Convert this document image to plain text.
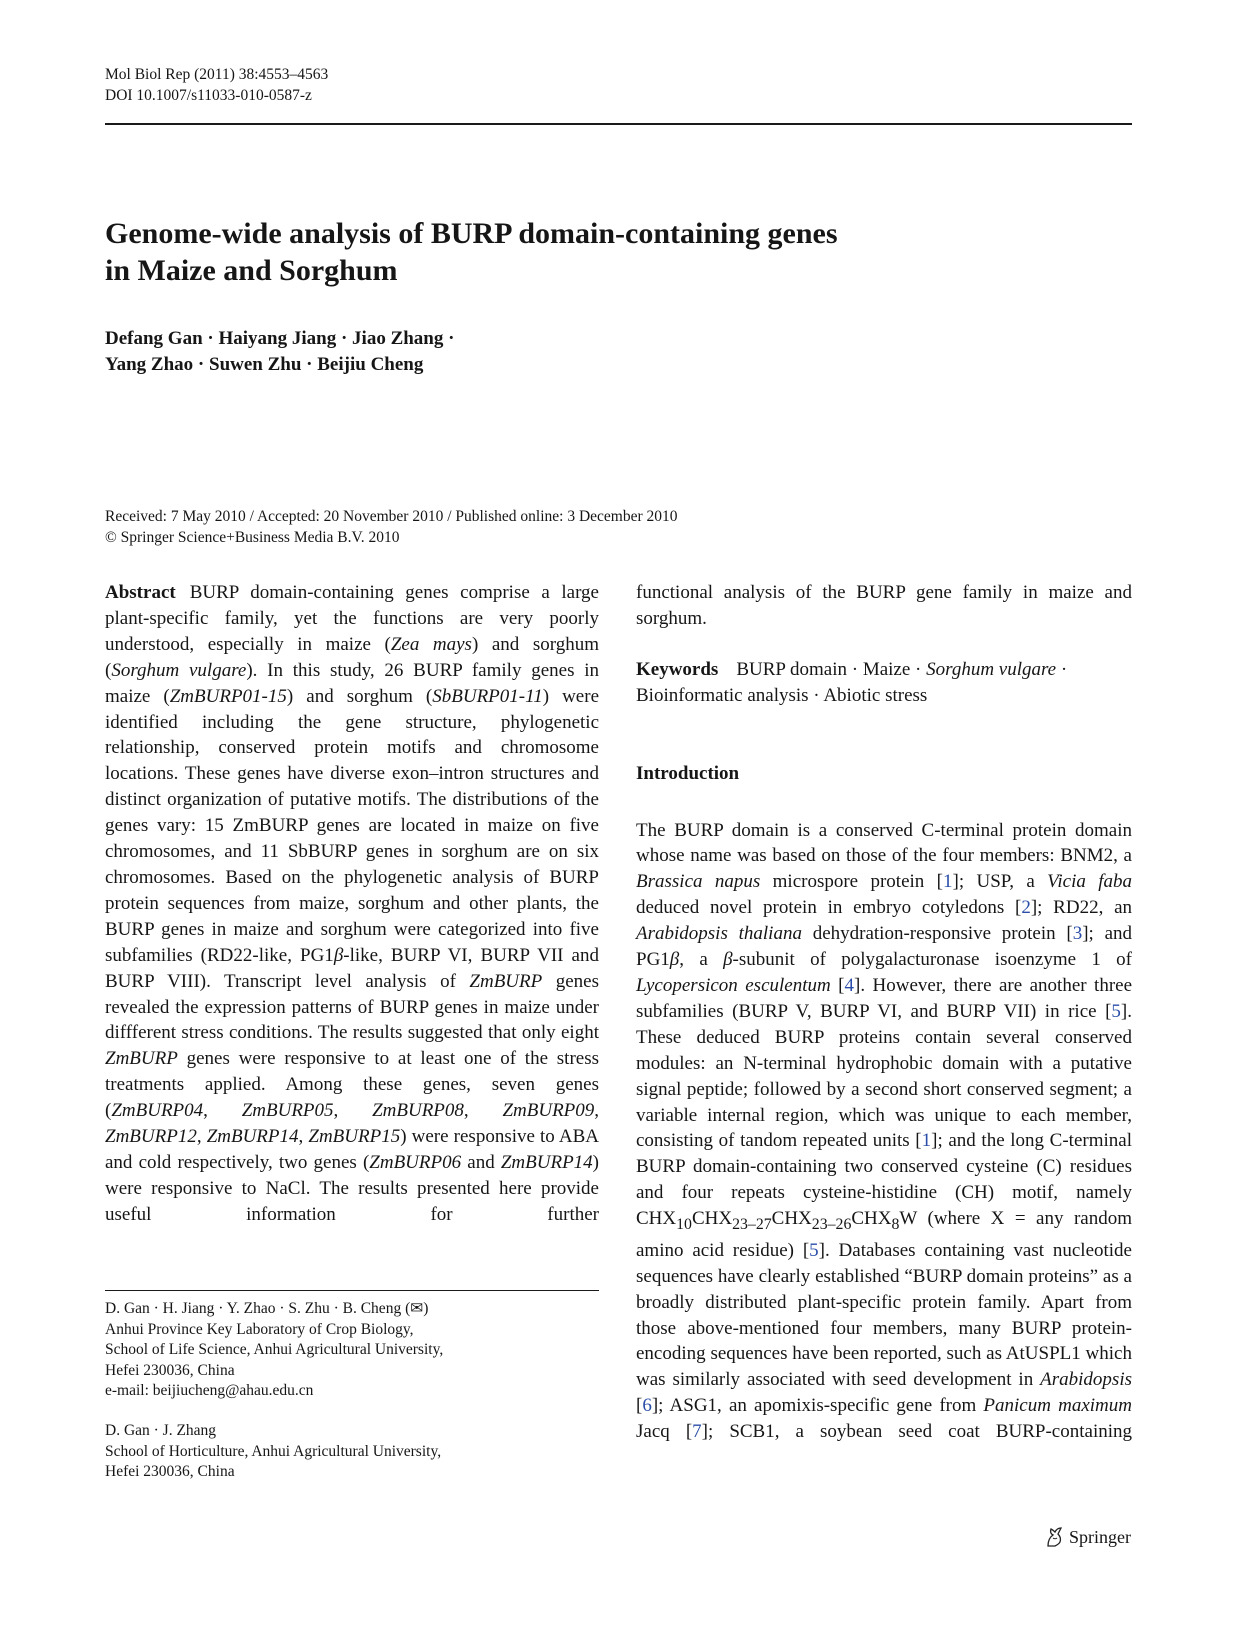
Mol Biol Rep (2011) 38:4553–4563
DOI 10.1007/s11033-010-0587-z
Genome-wide analysis of BURP domain-containing genes
in Maize and Sorghum
Defang Gan · Haiyang Jiang · Jiao Zhang ·
Yang Zhao · Suwen Zhu · Beijiu Cheng
Received: 7 May 2010 / Accepted: 20 November 2010 / Published online: 3 December 2010
© Springer Science+Business Media B.V. 2010

Abstract BURP domain-containing genes comprise a large plant-specific family, yet the functions are very poorly understood, especially in maize (Zea mays) and sorghum (Sorghum vulgare). In this study, 26 BURP family genes in maize (ZmBURP01-15) and sorghum (SbBURP01-11) were identified including the gene structure, phylogenetic relationship, conserved protein motifs and chromosome locations. These genes have diverse exon–intron structures and distinct organization of putative motifs. The distributions of the genes vary: 15 ZmBURP genes are located in maize on five chromosomes, and 11 SbBURP genes in sorghum are on six chromosomes. Based on the phylogenetic analysis of BURP protein sequences from maize, sorghum and other plants, the BURP genes in maize and sorghum were categorized into five subfamilies (RD22-like, PG1β-like, BURP VI, BURP VII and BURP VIII). Transcript level analysis of ZmBURP genes revealed the expression patterns of BURP genes in maize under diffferent stress conditions. The results suggested that only eight ZmBURP genes were responsive to at least one of the stress treatments applied. Among these genes, seven genes (ZmBURP04, ZmBURP05, ZmBURP08, ZmBURP09, ZmBURP12, ZmBURP14, ZmBURP15) were responsive to ABA and cold respectively, two genes (ZmBURP06 and ZmBURP14) were responsive to NaCl. The results presented here provide useful information for further

D. Gan · H. Jiang · Y. Zhao · S. Zhu · B. Cheng (✉)
Anhui Province Key Laboratory of Crop Biology,
School of Life Science, Anhui Agricultural University,
Hefei 230036, China
e-mail: beijiucheng@ahau.edu.cn
D. Gan · J. Zhang
School of Horticulture, Anhui Agricultural University,
Hefei 230036, China

functional analysis of the BURP gene family in maize and sorghum.

Keywords BURP domain · Maize · Sorghum vulgare · Bioinformatic analysis · Abiotic stress

Introduction

The BURP domain is a conserved C-terminal protein domain whose name was based on those of the four members: BNM2, a Brassica napus microspore protein [1]; USP, a Vicia faba deduced novel protein in embryo cotyledons [2]; RD22, an Arabidopsis thaliana dehydration-responsive protein [3]; and PG1β, a β-subunit of polygalacturonase isoenzyme 1 of Lycopersicon esculentum [4]. However, there are another three subfamilies (BURP V, BURP VI, and BURP VII) in rice [5]. These deduced BURP proteins contain several conserved modules: an N-terminal hydrophobic domain with a putative signal peptide; followed by a second short conserved segment; a variable internal region, which was unique to each member, consisting of tandom repeated units [1]; and the long C-terminal BURP domain-containing two conserved cysteine (C) residues and four repeats cysteine-histidine (CH) motif, namely $CHX_{10}CHX_{23-27}CHX_{23-26}CHX_8W$ (where X = any random amino acid residue) [5]. Databases containing vast nucleotide sequences have clearly established “BURP domain proteins” as a broadly distributed plant-specific protein family. Apart from those above-mentioned four members, many BURP protein-encoding sequences have been reported, such as AtUSPL1 which was similarly associated with seed development in Arabidopsis [6]; ASG1, an apomixis-specific gene from Panicum maximum Jacq [7]; SCB1, a soybean seed coat BURP-containing

Springer
